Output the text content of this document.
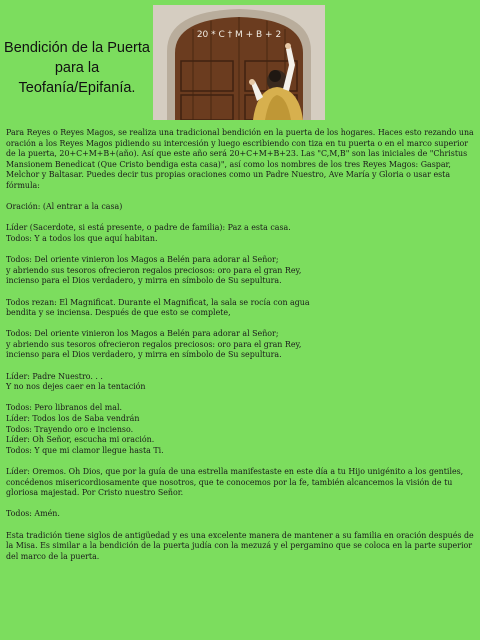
Bendición de la Puerta para la Teofanía/Epifanía.
20 * C † M + B + 2

Para Reyes o Reyes Magos, se realiza una tradicional bendición en la puerta de los hogares. Haces esto rezando una oración a los Reyes Magos pidiendo su intercesión y luego escribiendo con tiza en tu puerta o en el marco superior de la puerta, 20+C+M+B+(año). Así que este año será 20+C+M+B+23. Las "C,M,B" son las iniciales de "Christus Mansionem Benedicat (Que Cristo bendiga esta casa)", así como los nombres de los tres Reyes Magos: Gaspar, Melchor y Baltasar. Puedes decir tus propias oraciones como un Padre Nuestro, Ave María y Gloria o usar esta fórmula:

Oración: (Al entrar a la casa)

Líder (Sacerdote, si está presente, o padre de familia): Paz a esta casa.
Todos: Y a todos los que aquí habitan.

Todos: Del oriente vinieron los Magos a Belén para adorar al Señor;
y abriendo sus tesoros ofrecieron regalos preciosos: oro para el gran Rey,
incienso para el Dios verdadero, y mirra en símbolo de Su sepultura.

Todos rezan: El Magnificat. Durante el Magnificat, la sala se rocía con agua
bendita y se inciensa. Después de que esto se complete,

Todos: Del oriente vinieron los Magos a Belén para adorar al Señor;
y abriendo sus tesoros ofrecieron regalos preciosos: oro para el gran Rey,
incienso para el Dios verdadero, y mirra en símbolo de Su sepultura.

Líder: Padre Nuestro. . .
Y no nos dejes caer en la tentación

Todos: Pero libranos del mal.
Líder: Todos los de Saba vendrán
Todos: Trayendo oro e incienso.
Líder: Oh Señor, escucha mi oración.
Todos: Y que mi clamor llegue hasta Ti.

Líder: Oremos. Oh Dios, que por la guía de una estrella manifestaste en este día a tu Hijo unigénito a los gentiles, concédenos misericordiosamente que nosotros, que te conocemos por la fe, también alcancemos la visión de tu gloriosa majestad. Por Cristo nuestro Señor.

Todos: Amén.

Esta tradición tiene siglos de antigüedad y es una excelente manera de mantener a su familia en oración después de la Misa. Es similar a la bendición de la puerta judía con la mezuzá y el pergamino que se coloca en la parte superior del marco de la puerta.
